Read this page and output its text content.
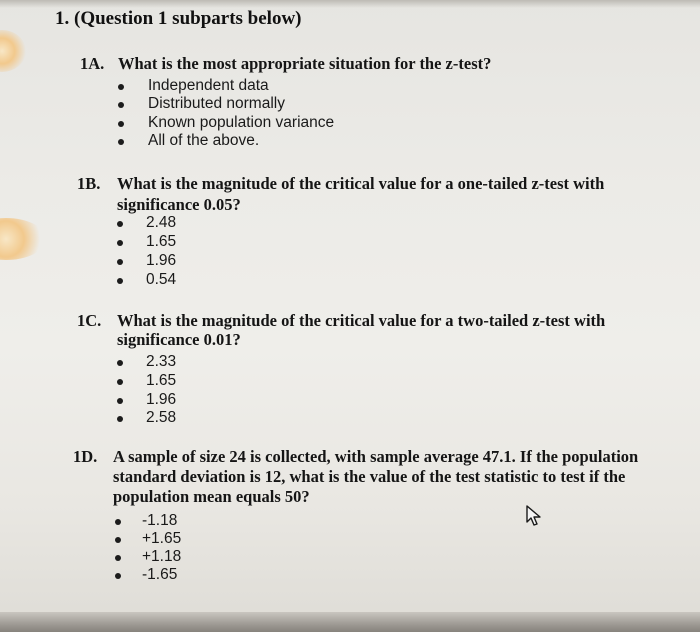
1. (Question 1 subparts below)
1A. What is the most appropriate situation for the z-test?
Independent data
Distributed normally
Known population variance
All of the above.
1B. What is the magnitude of the critical value for a one-tailed z-test with
significance 0.05?
2.48
1.65
1.96
0.54
1C. What is the magnitude of the critical value for a two-tailed z-test with
significance 0.01?
2.33
1.65
1.96
2.58
1D. A sample of size 24 is collected, with sample average 47.1. If the population
standard deviation is 12, what is the value of the test statistic to test if the
population mean equals 50?
-1.18
+1.65
+1.18
-1.65
